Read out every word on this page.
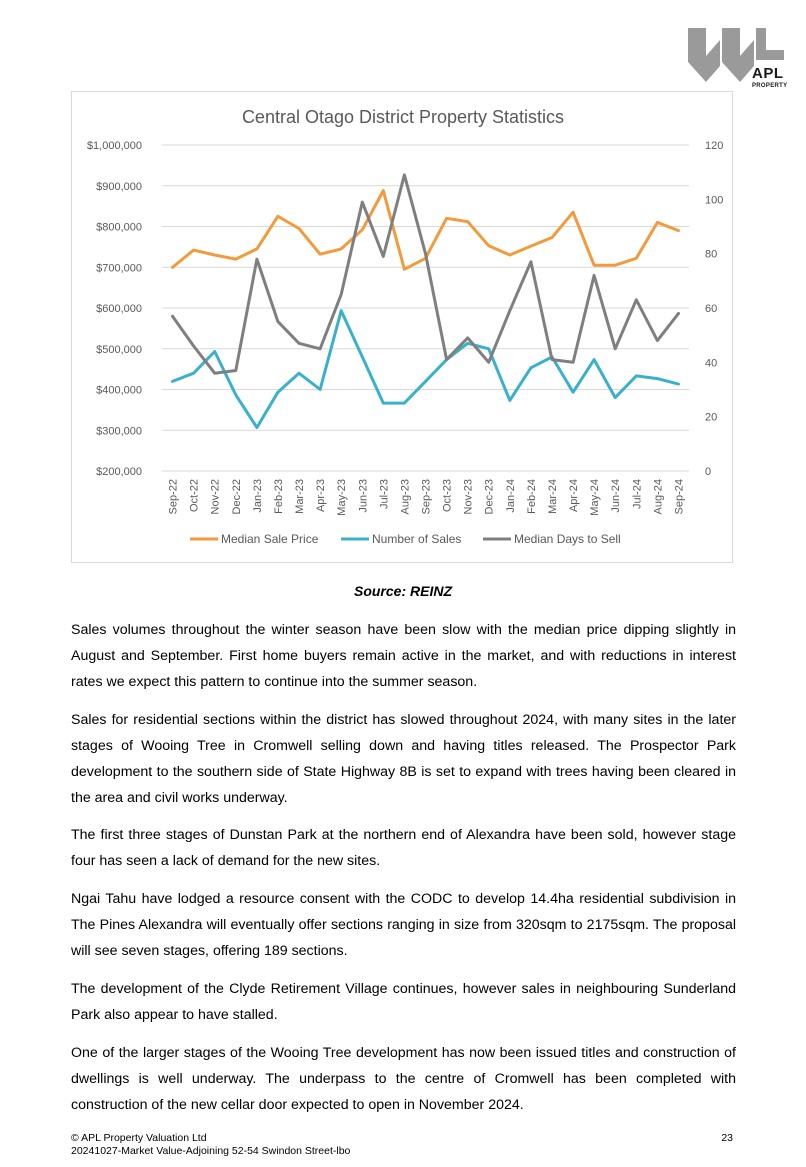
APL
PROPERTY
Central Otago District Property Statistics
$200,000
$300,000
$400,000
$500,000
$600,000
$700,000
$800,000
$900,000
$1,000,000
0
20
40
60
80
100
120
Sep-22 Oct-22 Nov-22 Dec-22 Jan-23 Feb-23 Mar-23 Apr-23 May-23 Jun-23 Jul-23 Aug-23 Sep-23 Oct-23 Nov-23 Dec-23 Jan-24 Feb-24 Mar-24 Apr-24 May-24 Jun-24 Jul-24 Aug-24 Sep-24
Median Sale Price	Number of Sales	Median Days to Sell
Source: REINZ

Sales volumes throughout the winter season have been slow with the median price dipping slightly in August and September. First home buyers remain active in the market, and with reductions in interest rates we expect this pattern to continue into the summer season.

Sales for residential sections within the district has slowed throughout 2024, with many sites in the later stages of Wooing Tree in Cromwell selling down and having titles released. The Prospector Park development to the southern side of State Highway 8B is set to expand with trees having been cleared in the area and civil works underway.

The first three stages of Dunstan Park at the northern end of Alexandra have been sold, however stage four has seen a lack of demand for the new sites.

Ngai Tahu have lodged a resource consent with the CODC to develop 14.4ha residential subdivision in The Pines Alexandra will eventually offer sections ranging in size from 320sqm to 2175sqm. The proposal will see seven stages, offering 189 sections.

The development of the Clyde Retirement Village continues, however sales in neighbouring Sunderland Park also appear to have stalled.

One of the larger stages of the Wooing Tree development has now been issued titles and construction of dwellings is well underway. The underpass to the centre of Cromwell has been completed with construction of the new cellar door expected to open in November 2024.

© APL Property Valuation Ltd
20241027-Market Value-Adjoining 52-54 Swindon Street-lbo
23
